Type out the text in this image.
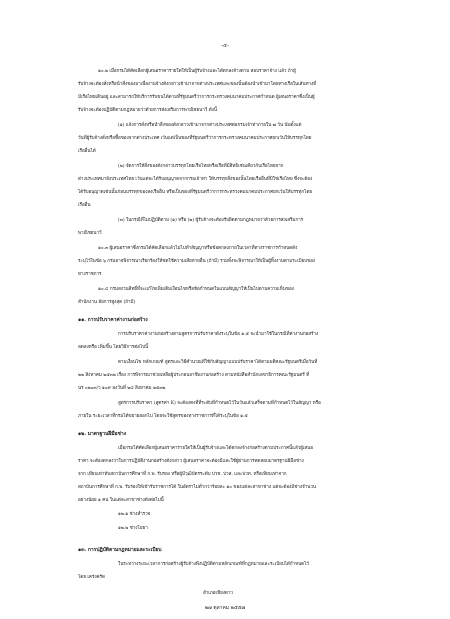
-๕-
๑๐.๒ เมื่อกรมได้คัดเลือกผู้เสนอราคารายใดให้เป็นผู้รับจ้างและได้ตกลงจ้างตาม สอบราคาจ้าง แล้ว ถ้าผู้
รับจ้างจะต้องสั่งหรือนำสิ่งของมาเพื่องานจ้างดังกล่าวเข้ามาจากต่างประเทศและของนั้นต้องนำเข้ามาโดยทางเรือในเส้นทางที่
มีเรือไทยเดินอยู่ และสามารถให้บริการรับขนได้ตามที่รัฐมนตรีว่าการกระทรวงคมนาคมประกาศกำหนด ผู้เสนอราคาซึ่งเป็นผู้
รับจ้างจะต้องปฏิบัติตามกฎหมายว่าด้วยการส่งเสริมการพาณิชยนาวี ดังนี้
(๑) แจ้งการสั่งหรือนำสิ่งของดังกล่าวเข้ามาจากต่างประเทศต่อกรมเจ้าท่าภายใน ๗ วัน นับตั้งแต่
วันที่ผู้รับจ้างสั่งหรือซื้อของจากต่างประเทศ เว้นแต่เป็นของที่รัฐมนตรีว่าการกระทรวงคมนาคมประกาศยกเว้นให้บรรทุกโดย
เรืออื่นได้
(๒) จัดการให้สิ่งของดังกล่าวบรรทุกโดยเรือไทยหรือเรือที่มีสิทธิเช่นเดียวกับเรือไทยจาก
ต่างประเทศมายังประเทศไทย เว้นแต่จะได้รับอนุญาตจากกรมเจ้าท่า ให้บรรทุกสิ่งของนั้นโดยเรืออื่นที่มิใช่เรือไทย ซึ่งจะต้อง
ได้รับอนุญาตเช่นนั้นก่อนบรรทุกของลงเรืออื่น หรือเป็นของที่รัฐมนตรีว่าการกระทรวงคมนาคมประกาศยกเว้นให้บรรทุกโดย
เรืออื่น
(๓) ในกรณีที่ไม่ปฏิบัติตาม (๑) หรือ (๒) ผู้รับจ้างจะต้องรับผิดตามกฎหมายว่าด้วยการส่งเสริมการ
พาณิชยนาวี
๑๐.๓ ผู้เสนอราคาซึ่งกรมได้คัดเลือกแล้วไม่ไปทำสัญญาหรือข้อตกลงภายในเวลาที่ทางราชการกำหนดดัง
ระบุไว้ในข้อ ๖ กรมอาจพิจารณาเรียกร้องให้ชดใช้ความเสียหายอื่น (ถ้ามี) รวมทั้งจะพิจารณาให้เป็นผู้ทิ้งงานตามระเบียบของ
ทางราชการ
๑๐.๔ กรมสงวนสิทธิ์ที่จะแก้ไขเพิ่มเติมเงื่อนไขหรือข้อกำหนดในแบบสัญญาให้เป็นไปตามความเห็นของ
สำนักงาน อัยการสูงสุด (ถ้ามี)
๑๑. การปรับราคาค่างานก่อสร้าง
การปรับราคาค่างานก่อสร้างตามสูตรการปรับราคาดังระบุในข้อ ๑.๕ จะนำมาใช้ในกรณีที่ค่างานก่อสร้าง
ลดลงหรือ เพิ่มขึ้น โดยวิธีการต่อไปนี้
ตามเงื่อนไข หลักเกณฑ์ สูตรและวิธีคำนวณที่ใช้กับสัญญาแบบปรับราคาได้ตามมติคณะรัฐมนตรีเมื่อวันที่
๒๒ สิงหาคม ๒๕๓๒ เรื่อง การพิจารณาช่วยเหลือผู้ประกอบอาชีพงานก่อสร้าง ตามหนังสือสำนักเลขาธิการคณะรัฐมนตรี ที่
นร ๐๒๐๓/ว ๑๐๙ ลงวันที่ ๒๔ สิงหาคม ๒๕๓๒
สูตรการปรับราคา (สูตรค่า K) จะต้องคงที่ที่ระดับที่กำหนดไว้ในวันแล้วเสร็จตามที่กำหนดไว้ในสัญญา หรือ
ภายใน ระยะเวลาที่กรมได้ขยายออกไป โดยจะใช้สูตรของทางราชการที่ได้ระบุในข้อ ๑.๕
๑๒. มาตรฐานฝีมือช่าง
เมื่อกรมได้คัดเลือกผู้เสนอราคารายใดให้เป็นผู้รับจ้างและได้ตกลงจ้างก่อสร้างตามประกาศนี้แล้วผู้เสนอ
ราคา จะต้องตกลงว่าในการปฏิบัติงานก่อสร้างดังกล่าว ผู้เสนอราคาจะต้องมีและใช้ผู้ผ่านการทดสอบมาตรฐานฝีมือช่าง
จาก เทียบเท่าทับสถาบันการศึกษาที่ ก.พ. รับรอง หรือผู้มีวุฒิบัตรระดับ ปวช. ปวส. และปวท. หรือเทียบเท่าจาก
สถาบันการศึกษาที่ ก.พ. รับรองให้เข้ารับราชการได้ ในอัตราไม่ต่ำกว่าร้อยละ ๑๐ ของแต่ละสาขาช่าง แต่จะต้องมีช่างจำนวน
อย่างน้อย ๑ คน ในแต่ละสาขาช่างดังต่อไปนี้
๑๒.๑ ช่างสำรวจ
๑๒.๒ ช่างโยธา
๑๓. การปฏิบัติตามกฎหมายและระเบียบ
ในระหว่างระยะเวลาการก่อสร้างผู้รับจ้างพึงปฏิบัติตามหลักเกณฑ์ที่กฎหมายและระเบียบได้กำหนดไว้
โดย เคร่งครัด
อำเภอเชียงดาว
๒๗ ตุลาคม ๒๕๕๗
